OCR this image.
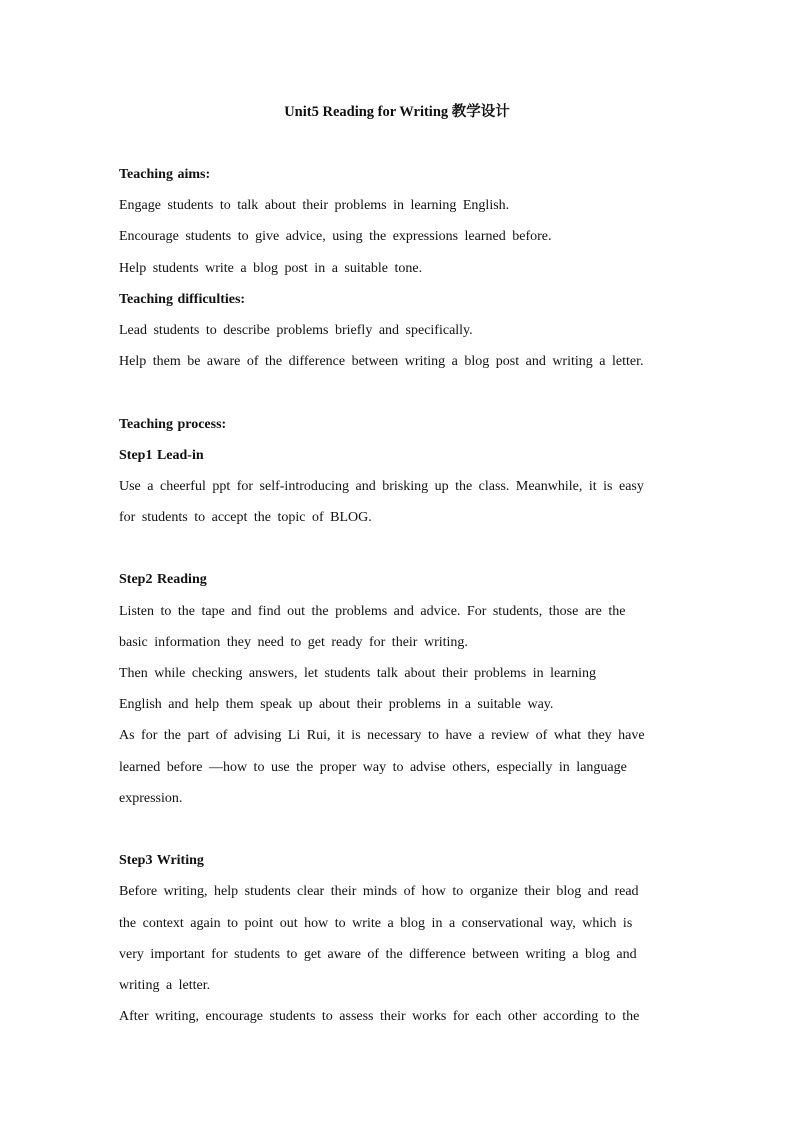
Unit5 Reading for Writing 教学设计
Teaching aims:
Engage students to talk about their problems in learning English.
Encourage students to give advice, using the expressions learned before.
Help students write a blog post in a suitable tone.
Teaching difficulties:
Lead students to describe problems briefly and specifically.
Help them be aware of the difference between writing a blog post and writing a letter.
Teaching process:
Step1 Lead-in
Use a cheerful ppt for self-introducing and brisking up the class. Meanwhile, it is easy
for students to accept the topic of BLOG.
Step2 Reading
Listen to the tape and find out the problems and advice. For students, those are the
basic information they need to get ready for their writing.
Then while checking answers, let students talk about their problems in learning
English and help them speak up about their problems in a suitable way.
As for the part of advising Li Rui, it is necessary to have a review of what they have
learned before —how to use the proper way to advise others, especially in language
expression.
Step3 Writing
Before writing, help students clear their minds of how to organize their blog and read
the context again to point out how to write a blog in a conservational way, which is
very important for students to get aware of the difference between writing a blog and
writing a letter.
After writing, encourage students to assess their works for each other according to the
